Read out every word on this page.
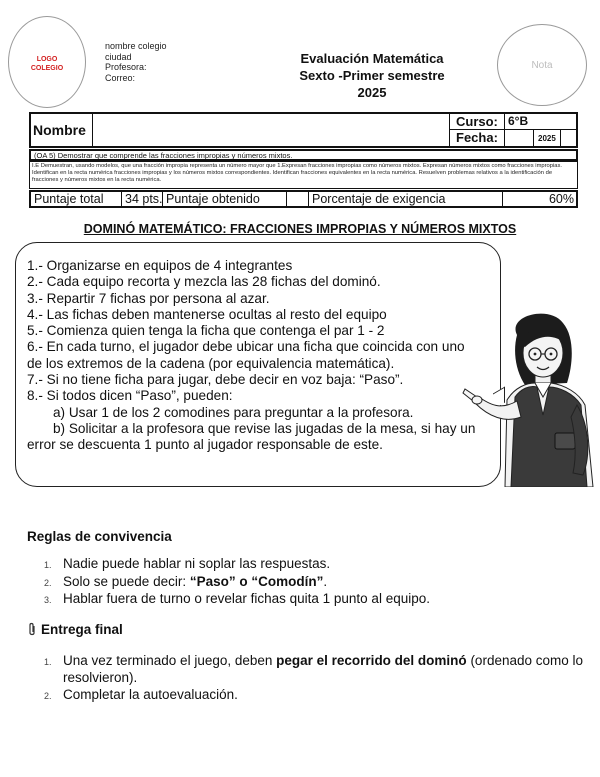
LOGO
COLEGIO
nombre colegio
ciudad
Profesora:
Correo:
Evaluación Matemática
Sexto -Primer semestre
2025
Nota
Nombre
Curso: 6°B
Fecha:	2025
(OA 5) Demostrar que comprende las fracciones impropias y números mixtos.
I.E Demuestran, usando modelos, que una fracción impropia representa un número mayor que 1.Expresan fracciones impropias como números mixtos. Expresan números mixtos como fracciones impropias. Identifican en la recta numérica fracciones impropias y los números mixtos correspondientes. Identifican fracciones equivalentes en la recta numérica. Resuelven problemas relativos a la identificación de fracciones y números mixtos en la recta numérica.
Puntaje total	34 pts. Puntaje obtenido	Porcentaje de exigencia	60%
DOMINÓ MATEMÁTICO: FRACCIONES IMPROPIAS Y NÚMEROS MIXTOS

1.- Organizarse en equipos de 4 integrantes

2.- Cada equipo recorta y mezcla las 28 fichas del dominó.

3.- Repartir 7 fichas por persona al azar.

4.- Las fichas deben mantenerse ocultas al resto del equipo

5.- Comienza quien tenga la ficha que contenga el par 1 - 2

6.- En cada turno, el jugador debe ubicar una ficha que coincida con uno de los extremos de la cadena (por equivalencia matemática).

7.- Si no tiene ficha para jugar, debe decir en voz baja: “Paso”.

8.- Si todos dicen “Paso”, pueden:

a) Usar 1 de los 2 comodines para preguntar a la profesora.

b) Solicitar a la profesora que revise las jugadas de la mesa, si hay un error se descuenta 1 punto al jugador responsable de este.

Reglas de convivencia
1. Nadie puede hablar ni soplar las respuestas.
2. Solo se puede decir: “Paso” o “Comodín”.
3. Hablar fuera de turno o revelar fichas quita 1 punto al equipo.
Entrega final
1. Una vez terminado el juego, deben pegar el recorrido del dominó (ordenado como lo resolvieron).
2. Completar la autoevaluación.
